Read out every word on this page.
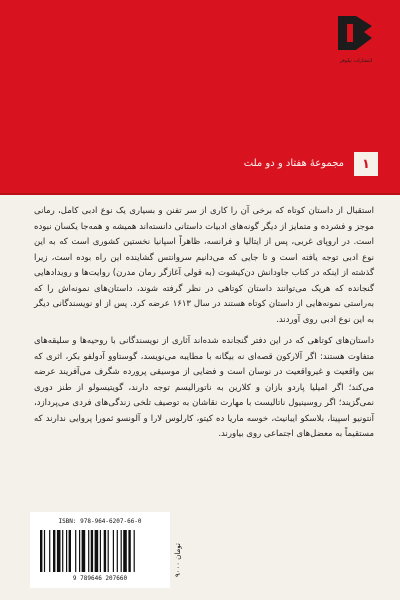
انتشارات نیلوفر
۱
مجموعهٔ هفتاد و دو ملت

استقبال از داستان کوتاه که برخی آن را کاری از سر تفنن و بسیاری یک نوع ادبی کامل، رمانی موجز و فشرده و متمایز از دیگر گونه‌های ادبیات داستانی دانسته‌اند همیشه و همه‌جا یکسان نبوده است. در اروپای غربی، پس از ایتالیا و فرانسه، ظاهراً اسپانیا نخستین کشوری است که به این نوع ادبی توجه یافته است و تا جایی که می‌دانیم سروانتس گشاینده این راه بوده است، زیرا گذشته از اینکه در کتاب جاودانش دن‌کیشوت (به قولی آغازگر رمان مدرن) روایت‌ها و رویدادهایی گنجانده که هریک می‌توانند داستان کوتاهی در نظر گرفته شوند، داستان‌های نمونه‌اش را که به‌راستی نمونه‌هایی از داستان کوتاه هستند در سال ۱۶۱۳ عرضه کرد. پس از او نویسندگانی دیگر به این نوع ادبی روی آوردند.

داستان‌های کوتاهی که در این دفتر گنجانده شده‌اند آثاری از نویسندگانی با روحیه‌ها و سلیقه‌های متفاوت هستند: اگر آلارکون قصه‌ای نه بیگانه با مطایبه می‌نویسد، گوستاوو آدولفو بکر، اثری که بین واقعیت و غیرواقعیت در نوسان است و فضایی از موسیقی پرورده شگرف می‌آفریند عرضه می‌کند؛ اگر امیلیا پاردو بازان و کلارین به ناتورالیسم توجه دارند، گویتیسولو از طنز دوری نمی‌گزیند؛ اگر روسینیول ناتالیست با مهارت نقاشان به توصیف تلخی زندگی‌های فردی می‌پردازد، آنتونیو اسپینا، بلاسکو ایبانیث، خوسه ماریا ده کیتو، کارلوس لارا و آلونسو ثمورا پروایی ندارند که مستقیماً به معضل‌های اجتماعی روی بیاورند.

ISBN: 978-964-6207-66-0
9 789646 207660
۹۰۰۰ تومان
